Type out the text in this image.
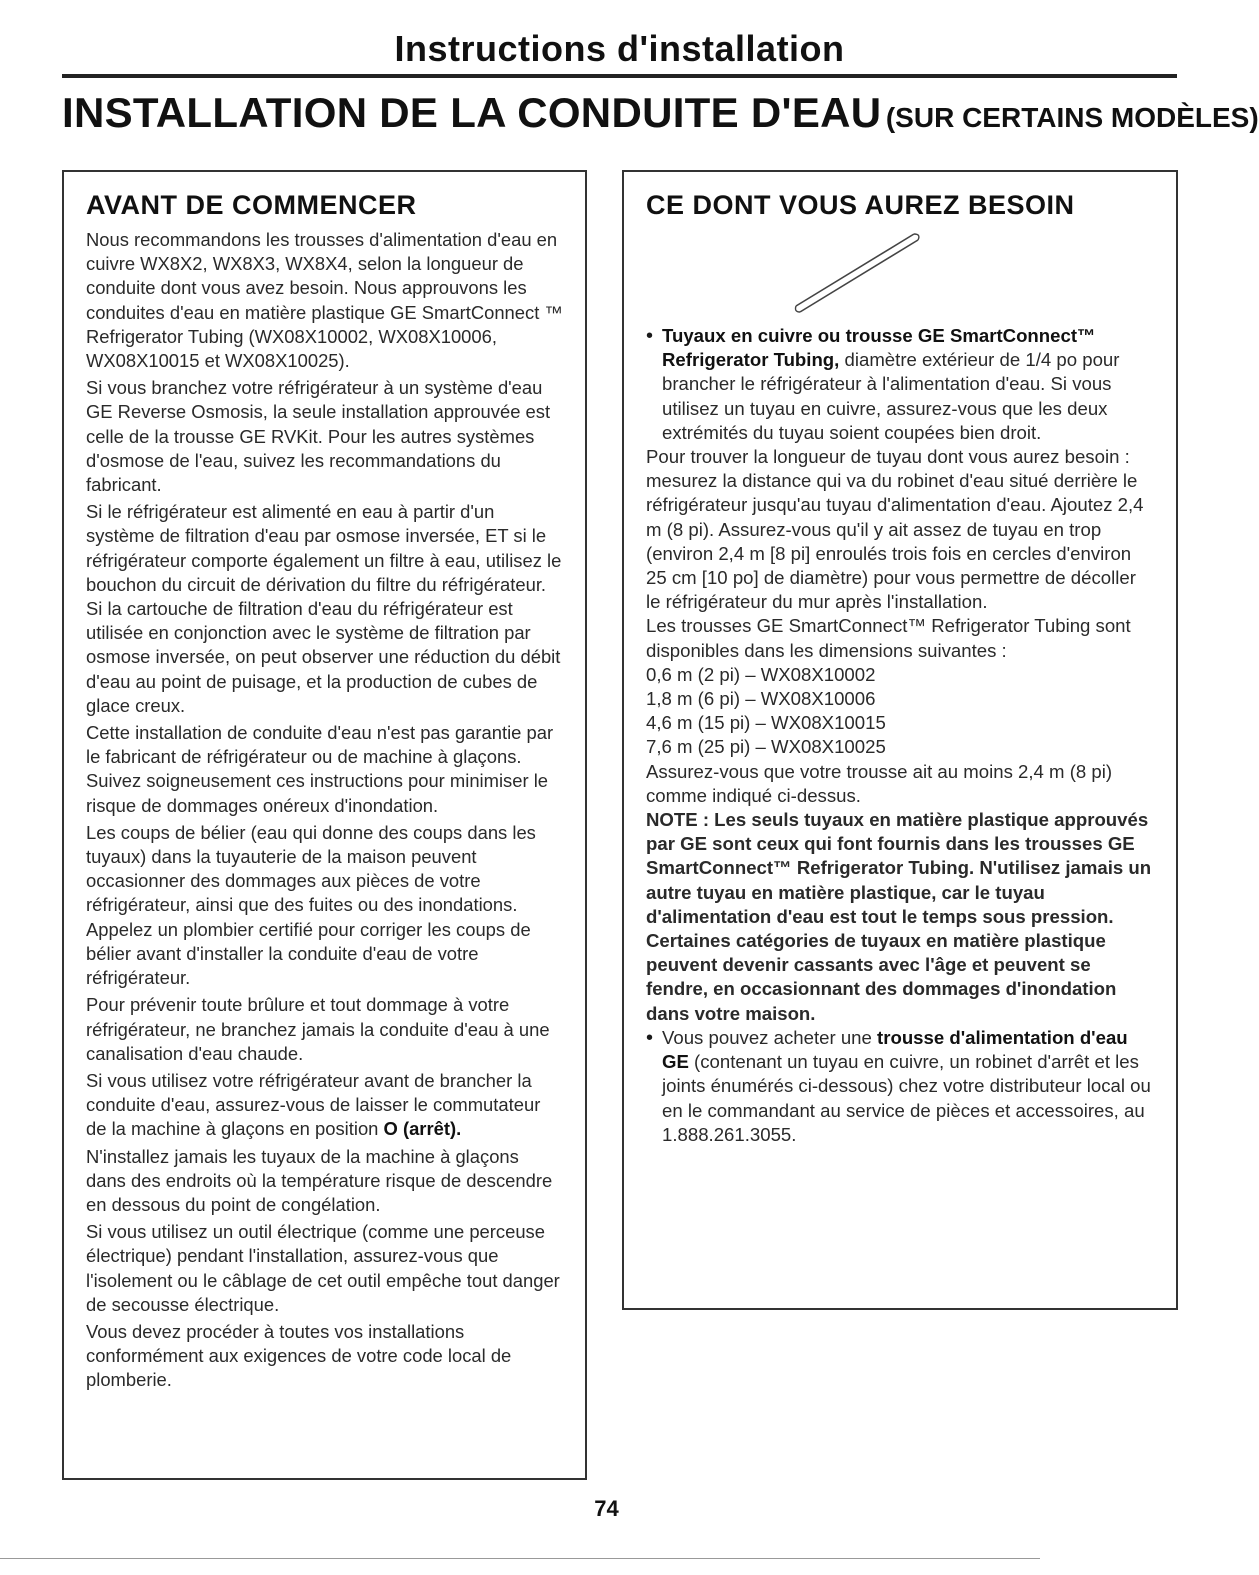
Instructions d'installation
INSTALLATION DE LA CONDUITE D'EAU (SUR CERTAINS MODÈLES)
AVANT DE COMMENCER

Nous recommandons les trousses d'alimentation d'eau en cuivre WX8X2, WX8X3, WX8X4, selon la longueur de conduite dont vous avez besoin. Nous approuvons les conduites d'eau en matière plastique GE SmartConnect ™ Refrigerator Tubing (WX08X10002, WX08X10006, WX08X10015 et WX08X10025).

Si vous branchez votre réfrigérateur à un système d'eau GE Reverse Osmosis, la seule installation approuvée est celle de la trousse GE RVKit. Pour les autres systèmes d'osmose de l'eau, suivez les recommandations du fabricant.

Si le réfrigérateur est alimenté en eau à partir d'un système de filtration d'eau par osmose inversée, ET si le réfrigérateur comporte également un filtre à eau, utilisez le bouchon du circuit de dérivation du filtre du réfrigérateur. Si la cartouche de filtration d'eau du réfrigérateur est utilisée en conjonction avec le système de filtration par osmose inversée, on peut observer une réduction du débit d'eau au point de puisage, et la production de cubes de glace creux.

Cette installation de conduite d'eau n'est pas garantie par le fabricant de réfrigérateur ou de machine à glaçons. Suivez soigneusement ces instructions pour minimiser le risque de dommages onéreux d'inondation.

Les coups de bélier (eau qui donne des coups dans les tuyaux) dans la tuyauterie de la maison peuvent occasionner des dommages aux pièces de votre réfrigérateur, ainsi que des fuites ou des inondations. Appelez un plombier certifié pour corriger les coups de bélier avant d'installer la conduite d'eau de votre réfrigérateur.

Pour prévenir toute brûlure et tout dommage à votre réfrigérateur, ne branchez jamais la conduite d'eau à une canalisation d'eau chaude.

Si vous utilisez votre réfrigérateur avant de brancher la conduite d'eau, assurez-vous de laisser le commutateur de la machine à glaçons en position O (arrêt).

N'installez jamais les tuyaux de la machine à glaçons dans des endroits où la température risque de descendre en dessous du point de congélation.

Si vous utilisez un outil électrique (comme une perceuse électrique) pendant l'installation, assurez-vous que l'isolement ou le câblage de cet outil empêche tout danger de secousse électrique.

Vous devez procéder à toutes vos installations conformément aux exigences de votre code local de plomberie.

CE DONT VOUS AUREZ BESOIN
• Tuyaux en cuivre ou trousse GE SmartConnect™ Refrigerator Tubing, diamètre extérieur de 1/4 po pour brancher le réfrigérateur à l'alimentation d'eau. Si vous utilisez un tuyau en cuivre, assurez-vous que les deux extrémités du tuyau soient coupées bien droit.

Pour trouver la longueur de tuyau dont vous aurez besoin : mesurez la distance qui va du robinet d'eau situé derrière le réfrigérateur jusqu'au tuyau d'alimentation d'eau. Ajoutez 2,4 m (8 pi). Assurez-vous qu'il y ait assez de tuyau en trop (environ 2,4 m [8 pi] enroulés trois fois en cercles d'environ 25 cm [10 po] de diamètre) pour vous permettre de décoller le réfrigérateur du mur après l'installation.

Les trousses GE SmartConnect™ Refrigerator Tubing sont disponibles dans les dimensions suivantes :

0,6 m (2 pi) – WX08X10002

1,8 m (6 pi) – WX08X10006

4,6 m (15 pi) – WX08X10015

7,6 m (25 pi) – WX08X10025

Assurez-vous que votre trousse ait au moins 2,4 m (8 pi) comme indiqué ci-dessus.

NOTE : Les seuls tuyaux en matière plastique approuvés par GE sont ceux qui font fournis dans les trousses GE SmartConnect™ Refrigerator Tubing. N'utilisez jamais un autre tuyau en matière plastique, car le tuyau d'alimentation d'eau est tout le temps sous pression. Certaines catégories de tuyaux en matière plastique peuvent devenir cassants avec l'âge et peuvent se fendre, en occasionnant des dommages d'inondation dans votre maison.

• Vous pouvez acheter une trousse d'alimentation d'eau GE (contenant un tuyau en cuivre, un robinet d'arrêt et les joints énumérés ci-dessous) chez votre distributeur local ou en le commandant au service de pièces et accessoires, au 1.888.261.3055.

74
